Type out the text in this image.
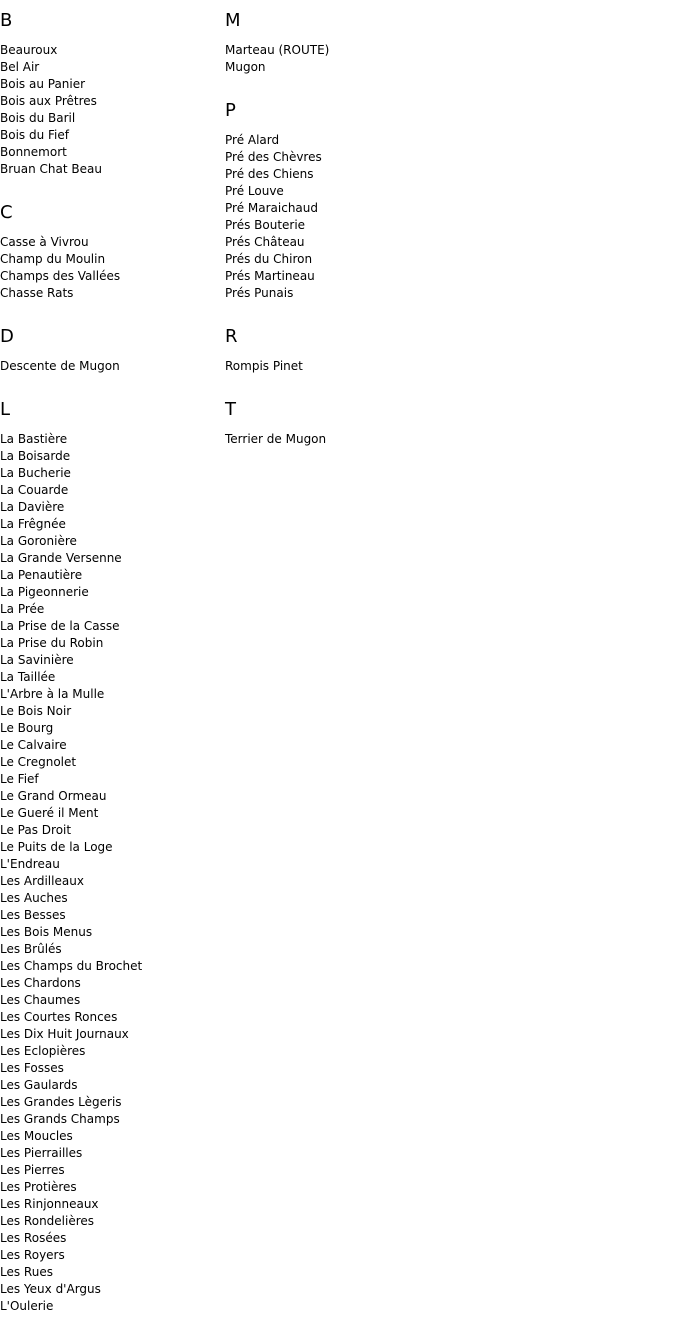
B
Beauroux
Bel Air
Bois au Panier
Bois aux Prêtres
Bois du Baril
Bois du Fief
Bonnemort
Bruan Chat Beau
C
Casse à Vivrou
Champ du Moulin
Champs des Vallées
Chasse Rats
D
Descente de Mugon
L
La Bastière
La Boisarde
La Bucherie
La Couarde
La Davière
La Frêgnée
La Goronière
La Grande Versenne
La Penautière
La Pigeonnerie
La Prée
La Prise de la Casse
La Prise du Robin
La Savinière
La Taillée
L'Arbre à la Mulle
Le Bois Noir
Le Bourg
Le Calvaire
Le Cregnolet
Le Fief
Le Grand Ormeau
Le Gueré il Ment
Le Pas Droit
Le Puits de la Loge
L'Endreau
Les Ardilleaux
Les Auches
Les Besses
Les Bois Menus
Les Brûlés
Les Champs du Brochet
Les Chardons
Les Chaumes
Les Courtes Ronces
Les Dix Huit Journaux
Les Eclopières
Les Fosses
Les Gaulards
Les Grandes Lègeris
Les Grands Champs
Les Moucles
Les Pierrailles
Les Pierres
Les Protières
Les Rinjonneaux
Les Rondelières
Les Rosées
Les Royers
Les Rues
Les Yeux d'Argus
L'Oulerie
M
Marteau (ROUTE)
Mugon
P
Pré Alard
Pré des Chèvres
Pré des Chiens
Pré Louve
Pré Maraichaud
Prés Bouterie
Prés Château
Prés du Chiron
Prés Martineau
Prés Punais
R
Rompis Pinet
T
Terrier de Mugon
